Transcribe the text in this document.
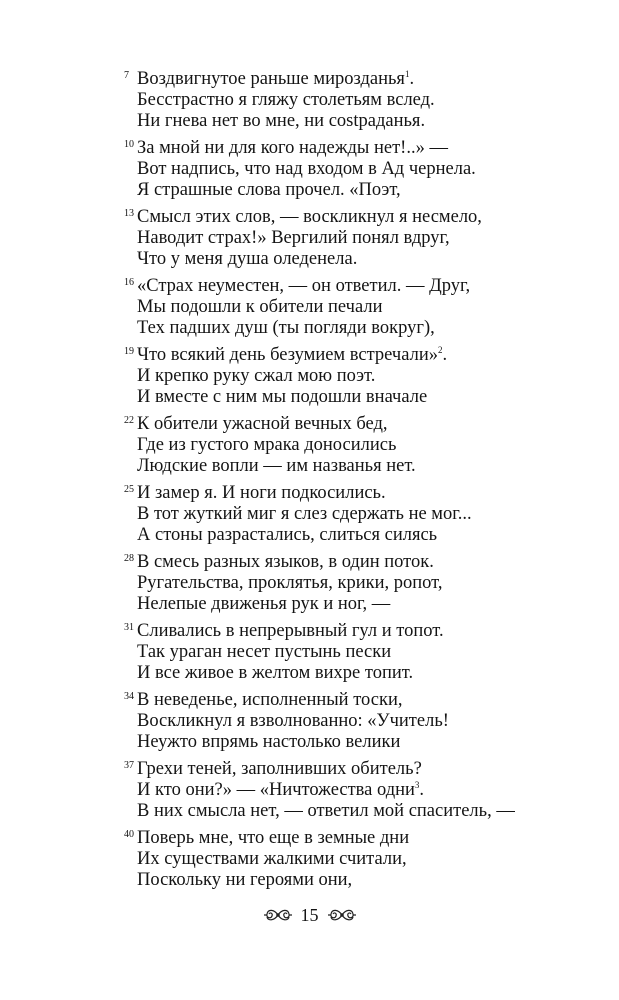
7 Воздвигнутое раньше мирозданья$^1$.
Бесстрастно я гляжу столетьям вслед.
Ни гнева нет во мне, ни сostраданья.
10 За мной ни для кого надежды нет!..» —
Вот надпись, что над входом в Ад чернела.
Я страшные слова прочел. «Поэт,
13 Смысл этих слов, — воскликнул я несмело,
Наводит страх!» Вергилий понял вдруг,
Что у меня душа оледенела.
16 «Страх неуместен, — он ответил. — Друг,
Мы подошли к обители печали
Тех падших душ (ты погляди вокруг),
19 Что всякий день безумием встречали»$^2$.
И крепко руку сжал мою поэт.
И вместе с ним мы подошли вначале
22 К обители ужасной вечных бед,
Где из густого мрака доносились
Людские вопли — им названья нет.
25 И замер я. И ноги подкосились.
В тот жуткий миг я слез сдержать не мог...
А стоны разрастались, слиться силясь
28 В смесь разных языков, в один поток.
Ругательства, проклятья, крики, ропот,
Нелепые движенья рук и ног, —
31 Сливались в непрерывный гул и топот.
Так ураган несет пустынь пески
И все живое в желтом вихре топит.
34 В неведенье, исполненный тоски,
Воскликнул я взволнованно: «Учитель!
Неужто впрямь настолько велики
37 Грехи теней, заполнивших обитель?
И кто они?» — «Ничтожества одни$^3$.
В них смысла нет, — ответил мой спаситель, —
40 Поверь мне, что еще в земные дни
Их существами жалкими считали,
Поскольку ни героями они,
15
